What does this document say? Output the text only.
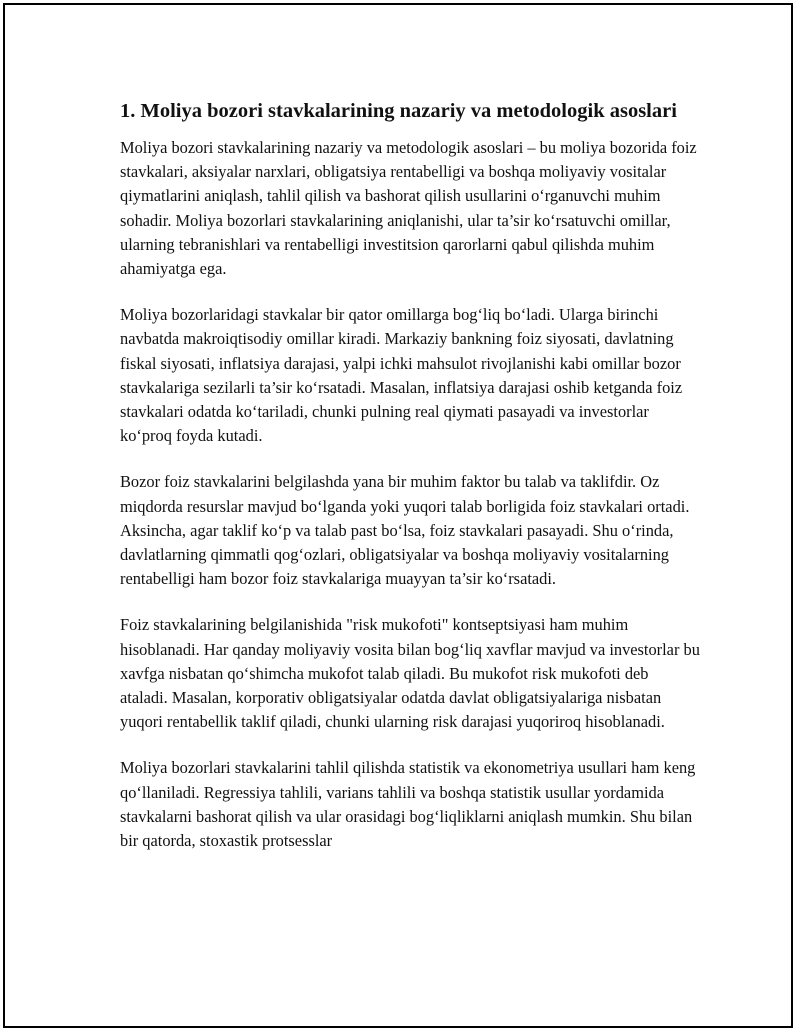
1. Moliya bozori stavkalarining nazariy va metodologik asoslari

Moliya bozori stavkalarining nazariy va metodologik asoslari – bu moliya bozorida foiz stavkalari, aksiyalar narxlari, obligatsiya rentabelligi va boshqa moliyaviy vositalar qiymatlarini aniqlash, tahlil qilish va bashorat qilish usullarini o‘rganuvchi muhim sohadir. Moliya bozorlari stavkalarining aniqlanishi, ular ta’sir ko‘rsatuvchi omillar, ularning tebranishlari va rentabelligi investitsion qarorlarni qabul qilishda muhim ahamiyatga ega.

Moliya bozorlaridagi stavkalar bir qator omillarga bog‘liq bo‘ladi. Ularga birinchi navbatda makroiqtisodiy omillar kiradi. Markaziy bankning foiz siyosati, davlatning fiskal siyosati, inflatsiya darajasi, yalpi ichki mahsulot rivojlanishi kabi omillar bozor stavkalariga sezilarli ta’sir ko‘rsatadi. Masalan, inflatsiya darajasi oshib ketganda foiz stavkalari odatda ko‘tariladi, chunki pulning real qiymati pasayadi va investorlar ko‘proq foyda kutadi.

Bozor foiz stavkalarini belgilashda yana bir muhim faktor bu talab va taklifdir. Oz miqdorda resurslar mavjud bo‘lganda yoki yuqori talab borligida foiz stavkalari ortadi. Aksincha, agar taklif ko‘p va talab past bo‘lsa, foiz stavkalari pasayadi. Shu o‘rinda, davlatlarning qimmatli qog‘ozlari, obligatsiyalar va boshqa moliyaviy vositalarning rentabelligi ham bozor foiz stavkalariga muayyan ta’sir ko‘rsatadi.

Foiz stavkalarining belgilanishida "risk mukofoti" kontseptsiyasi ham muhim hisoblanadi. Har qanday moliyaviy vosita bilan bog‘liq xavflar mavjud va investorlar bu xavfga nisbatan qo‘shimcha mukofot talab qiladi. Bu mukofot risk mukofoti deb ataladi. Masalan, korporativ obligatsiyalar odatda davlat obligatsiyalariga nisbatan yuqori rentabellik taklif qiladi, chunki ularning risk darajasi yuqoriroq hisoblanadi.

Moliya bozorlari stavkalarini tahlil qilishda statistik va ekonometriya usullari ham keng qo‘llaniladi. Regressiya tahlili, varians tahlili va boshqa statistik usullar yordamida stavkalarni bashorat qilish va ular orasidagi bog‘liqliklarni aniqlash mumkin. Shu bilan bir qatorda, stoxastik protsesslar
